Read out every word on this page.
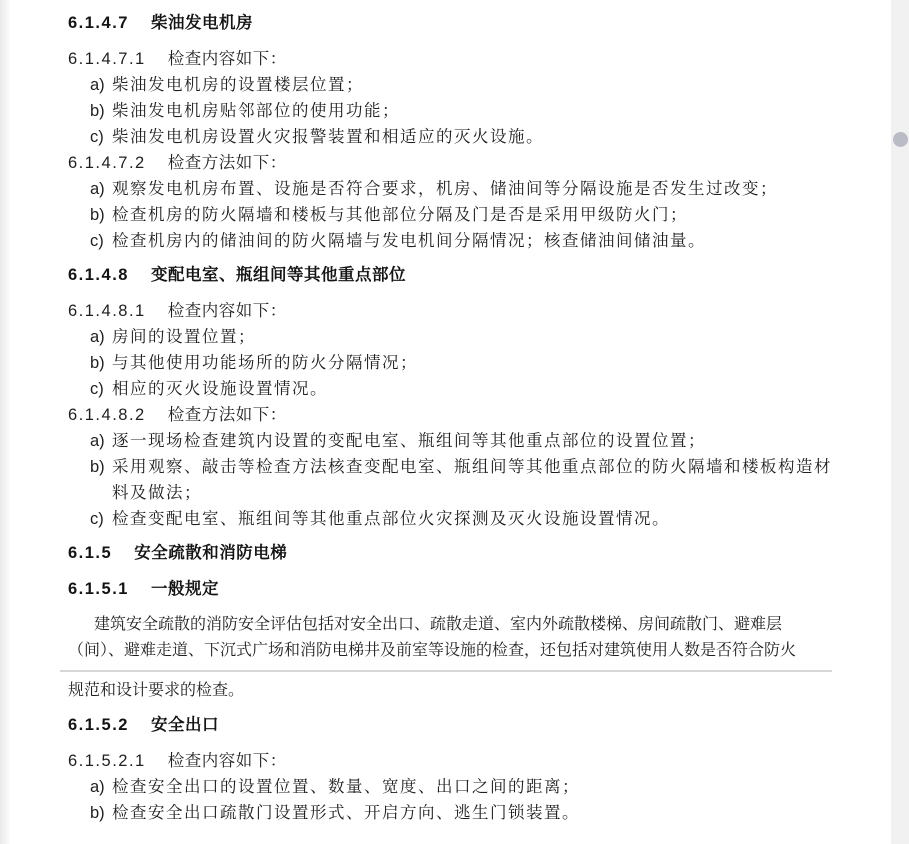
6.1.4.7 柴油发电机房
6.1.4.7.1 检查内容如下：
a) 柴油发电机房的设置楼层位置；
b) 柴油发电机房贴邻部位的使用功能；
c) 柴油发电机房设置火灾报警装置和相适应的灭火设施。
6.1.4.7.2 检查方法如下：
a) 观察发电机房布置、设施是否符合要求，机房、储油间等分隔设施是否发生过改变；
b) 检查机房的防火隔墙和楼板与其他部位分隔及门是否是采用甲级防火门；
c) 检查机房内的储油间的防火隔墙与发电机间分隔情况；核查储油间储油量。
6.1.4.8 变配电室、瓶组间等其他重点部位
6.1.4.8.1 检查内容如下：
a) 房间的设置位置；
b) 与其他使用功能场所的防火分隔情况；
c) 相应的灭火设施设置情况。
6.1.4.8.2 检查方法如下：
a) 逐一现场检查建筑内设置的变配电室、瓶组间等其他重点部位的设置位置；
b) 采用观察、敲击等检查方法核查变配电室、瓶组间等其他重点部位的防火隔墙和楼板构造材料及做法；
c) 检查变配电室、瓶组间等其他重点部位火灾探测及灭火设施设置情况。
6.1.5 安全疏散和消防电梯
6.1.5.1 一般规定
建筑安全疏散的消防安全评估包括对安全出口、疏散走道、室内外疏散楼梯、房间疏散门、避难层
（间）、避难走道、下沉式广场和消防电梯井及前室等设施的检查，还包括对建筑使用人数是否符合防火
规范和设计要求的检查。
6.1.5.2 安全出口
6.1.5.2.1 检查内容如下：
a) 检查安全出口的设置位置、数量、宽度、出口之间的距离；
b) 检查安全出口疏散门设置形式、开启方向、逃生门锁装置。
